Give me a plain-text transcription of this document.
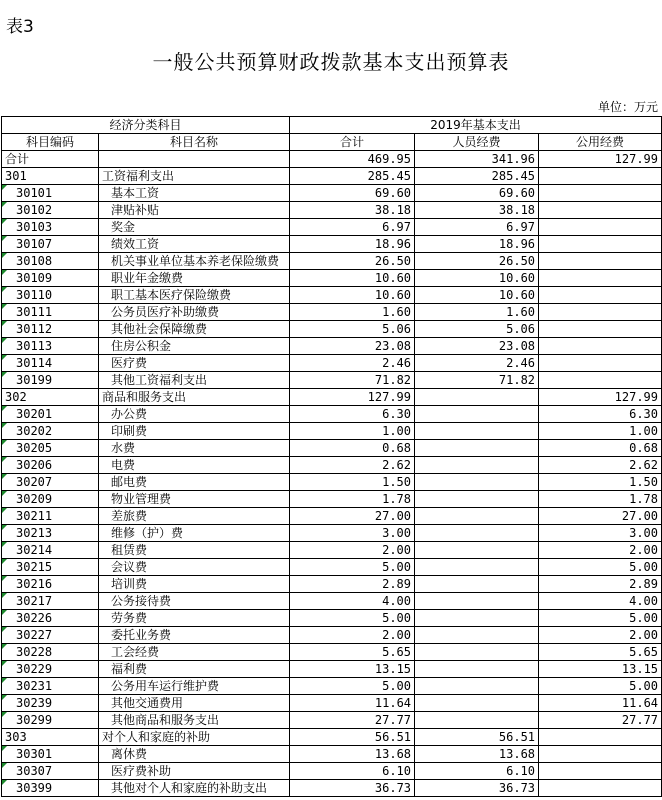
表3
一般公共预算财政拨款基本支出预算表
单位：万元
经济分类科目		2019年基本支出		
科目编码	科目名称	合计	人员经费	公用经费
合计		469.95	341.96	127.99
301	工资福利支出	285.45	285.45	

30101	基本工资	69.60	69.60	

30102	津贴补贴	38.18	38.18	

30103	奖金	6.97	6.97	

30107	绩效工资	18.96	18.96	

30108	机关事业单位基本养老保险缴费	26.50	26.50	

30109	职业年金缴费	10.60	10.60	

30110	职工基本医疗保险缴费	10.60	10.60	

30111	公务员医疗补助缴费	1.60	1.60	

30112	其他社会保障缴费	5.06	5.06	

30113	住房公积金	23.08	23.08	

30114	医疗费	2.46	2.46	

30199	其他工资福利支出	71.82	71.82	
302	商品和服务支出	127.99		127.99

30201	办公费	6.30		6.30

30202	印刷费	1.00		1.00

30205	水费	0.68		0.68

30206	电费	2.62		2.62

30207	邮电费	1.50		1.50

30209	物业管理费	1.78		1.78

30211	差旅费	27.00		27.00

30213	维修（护）费	3.00		3.00

30214	租赁费	2.00		2.00

30215	会议费	5.00		5.00

30216	培训费	2.89		2.89

30217	公务接待费	4.00		4.00

30226	劳务费	5.00		5.00

30227	委托业务费	2.00		2.00

30228	工会经费	5.65		5.65

30229	福利费	13.15		13.15

30231	公务用车运行维护费	5.00		5.00

30239	其他交通费用	11.64		11.64

30299	其他商品和服务支出	27.77		27.77
303	对个人和家庭的补助	56.51	56.51	

30301	离休费	13.68	13.68	

30307	医疗费补助	6.10	6.10	

30399	其他对个人和家庭的补助支出	36.73	36.73	
